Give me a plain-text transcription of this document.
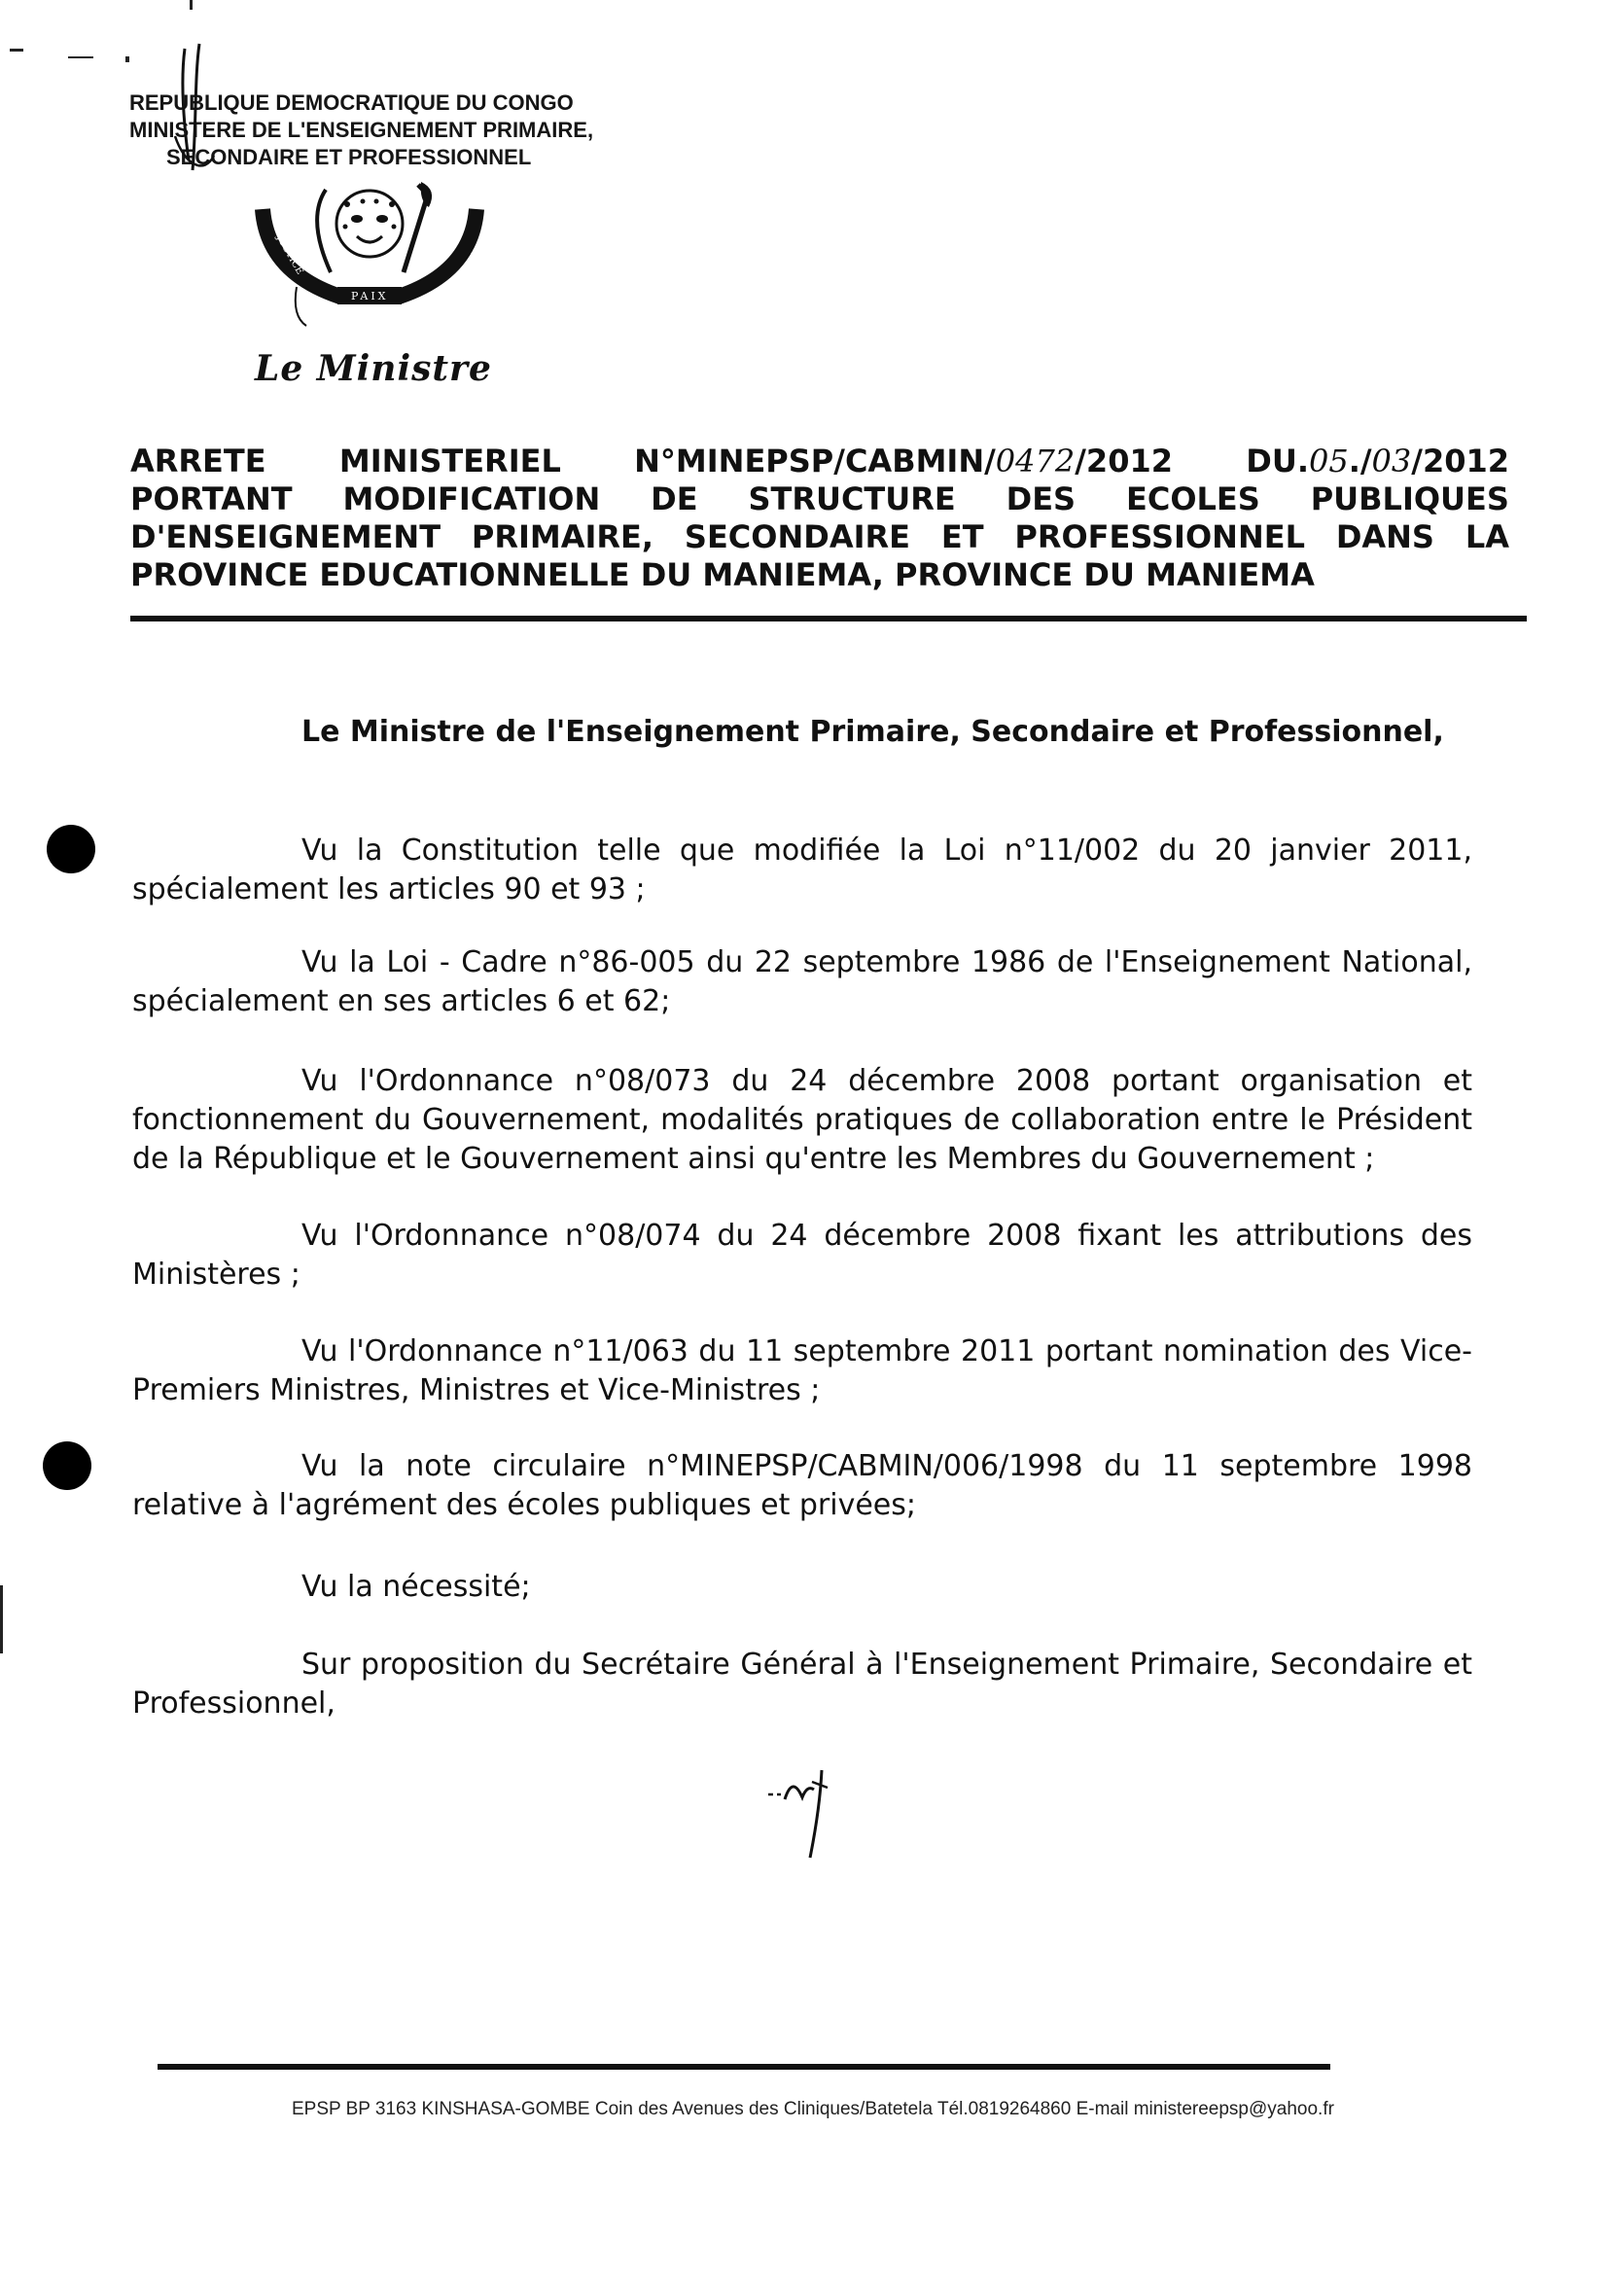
REPUBLIQUE DEMOCRATIQUE DU CONGO
MINISTERE DE L'ENSEIGNEMENT PRIMAIRE,
SECONDAIRE ET PROFESSIONNEL
JUSTICE
PAIX
TRAVAIL
Le Ministre
ARRETE MINISTERIEL N°MINEPSP/CABMIN/0472/2012 DU.05./03/2012
PORTANT MODIFICATION DE STRUCTURE DES ECOLES PUBLIQUES
D'ENSEIGNEMENT PRIMAIRE, SECONDAIRE ET PROFESSIONNEL DANS LA
PROVINCE EDUCATIONNELLE DU MANIEMA, PROVINCE DU MANIEMA
Le Ministre de l'Enseignement Primaire, Secondaire et Professionnel,
Vu la Constitution telle que modifiée la Loi n°11/002 du 20 janvier 2011, spécialement les articles 90 et 93 ;
Vu la Loi - Cadre n°86-005 du 22 septembre 1986 de l'Enseignement National, spécialement en ses articles 6 et 62;
Vu l'Ordonnance n°08/073 du 24 décembre 2008 portant organisation et fonctionnement du Gouvernement, modalités pratiques de collaboration entre le Président de la République et le Gouvernement ainsi qu'entre les Membres du Gouvernement ;
Vu l'Ordonnance n°08/074 du 24 décembre 2008 fixant les attributions des Ministères ;
Vu l'Ordonnance n°11/063 du 11 septembre 2011 portant nomination des Vice-Premiers Ministres, Ministres et Vice-Ministres ;
Vu la note circulaire n°MINEPSP/CABMIN/006/1998 du 11 septembre 1998 relative à l'agrément des écoles publiques et privées;
Vu la nécessité;
Sur proposition du Secrétaire Général à l'Enseignement Primaire, Secondaire et Professionnel,
EPSP BP 3163 KINSHASA-GOMBE Coin des Avenues des Cliniques/Batetela Tél.0819264860 E-mail ministereepsp@yahoo.fr
